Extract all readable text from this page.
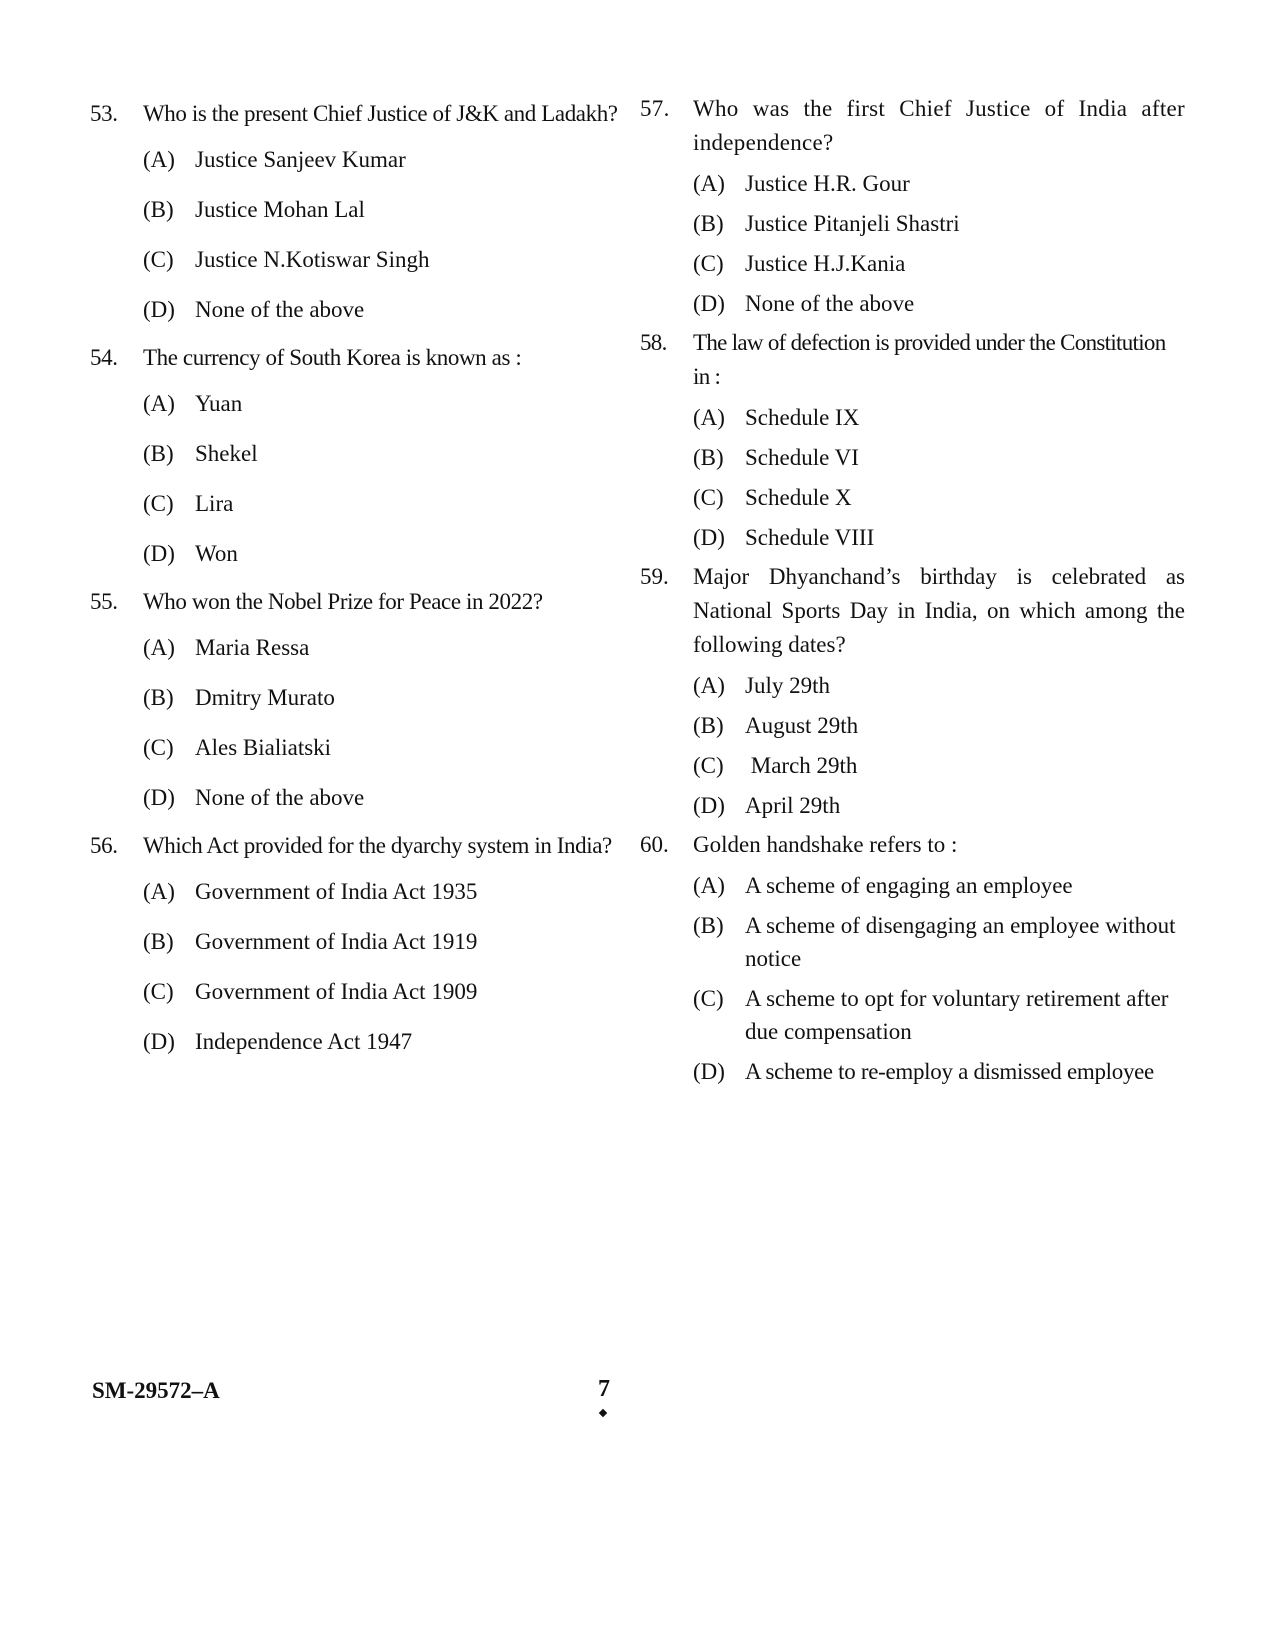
53.	Who is the present Chief Justice of J&K and Ladakh?
(A) Justice Sanjeev Kumar
(B) Justice Mohan Lal
(C) Justice N.Kotiswar Singh
(D) None of the above
54.	The currency of South Korea is known as :
(A) Yuan
(B) Shekel
(C) Lira
(D) Won
55.	Who won the Nobel Prize for Peace in 2022?
(A) Maria Ressa
(B) Dmitry Murato
(C) Ales Bialiatski
(D) None of the above
56.	Which Act provided for the dyarchy system in India?
(A) Government of India Act 1935
(B) Government of India Act 1919
(C) Government of India Act 1909
(D) Independence Act 1947
57.	Who was the first Chief Justice of India after independence?
(A) Justice H.R. Gour
(B) Justice Pitanjeli Shastri
(C) Justice H.J.Kania
(D) None of the above
58.	The law of defection is provided under the Constitution in :
(A) Schedule IX
(B) Schedule VI
(C) Schedule X
(D) Schedule VIII
59.	Major Dhyanchand’s birthday is celebrated as National Sports Day in India, on which among the following dates?
(A) July 29th
(B) August 29th
(C) March 29th
(D) April 29th
60.	Golden handshake refers to :
(A) A scheme of engaging an employee
(B) A scheme of disengaging an employee without notice
(C) A scheme to opt for voluntary retirement after due compensation
(D) A scheme to re-employ a dismissed employee
SM-29572–A	7
